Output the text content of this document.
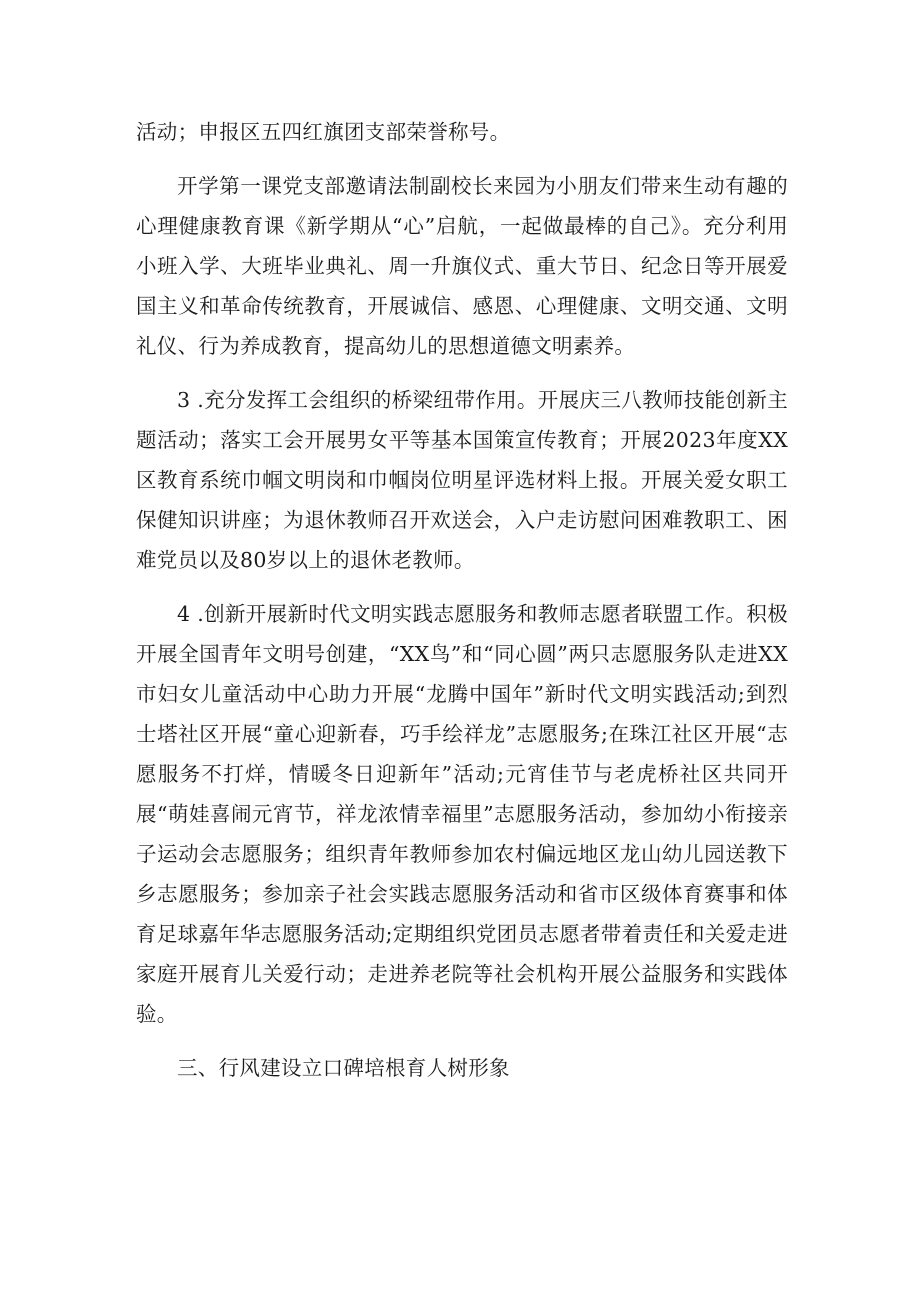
活动；申报区五四红旗团支部荣誉称号。

开学第一课党支部邀请法制副校长来园为小朋友们带来生动有趣的心理健康教育课《新学期从“心”启航，一起做最棒的自己》。充分利用小班入学、大班毕业典礼、周一升旗仪式、重大节日、纪念日等开展爱国主义和革命传统教育，开展诚信、感恩、心理健康、文明交通、文明礼仪、行为养成教育，提高幼儿的思想道德文明素养。

3 .充分发挥工会组织的桥梁纽带作用。开展庆三八教师技能创新主题活动；落实工会开展男女平等基本国策宣传教育；开展2023年度XX区教育系统巾帼文明岗和巾帼岗位明星评选材料上报。开展关爱女职工保健知识讲座；为退休教师召开欢送会，入户走访慰问困难教职工、困难党员以及80岁以上的退休老教师。

4 .创新开展新时代文明实践志愿服务和教师志愿者联盟工作。积极开展全国青年文明号创建，“XX鸟”和“同心圆”两只志愿服务队走进XX市妇女儿童活动中心助力开展“龙腾中国年”新时代文明实践活动;到烈士塔社区开展“童心迎新春，巧手绘祥龙”志愿服务;在珠江社区开展“志愿服务不打烊，情暖冬日迎新年”活动;元宵佳节与老虎桥社区共同开展“萌娃喜闹元宵节，祥龙浓情幸福里”志愿服务活动，参加幼小衔接亲子运动会志愿服务；组织青年教师参加农村偏远地区龙山幼儿园送教下乡志愿服务；参加亲子社会实践志愿服务活动和省市区级体育赛事和体育足球嘉年华志愿服务活动;定期组织党团员志愿者带着责任和关爱走进家庭开展育儿关爱行动；走进养老院等社会机构开展公益服务和实践体验。

三、行风建设立口碑培根育人树形象
